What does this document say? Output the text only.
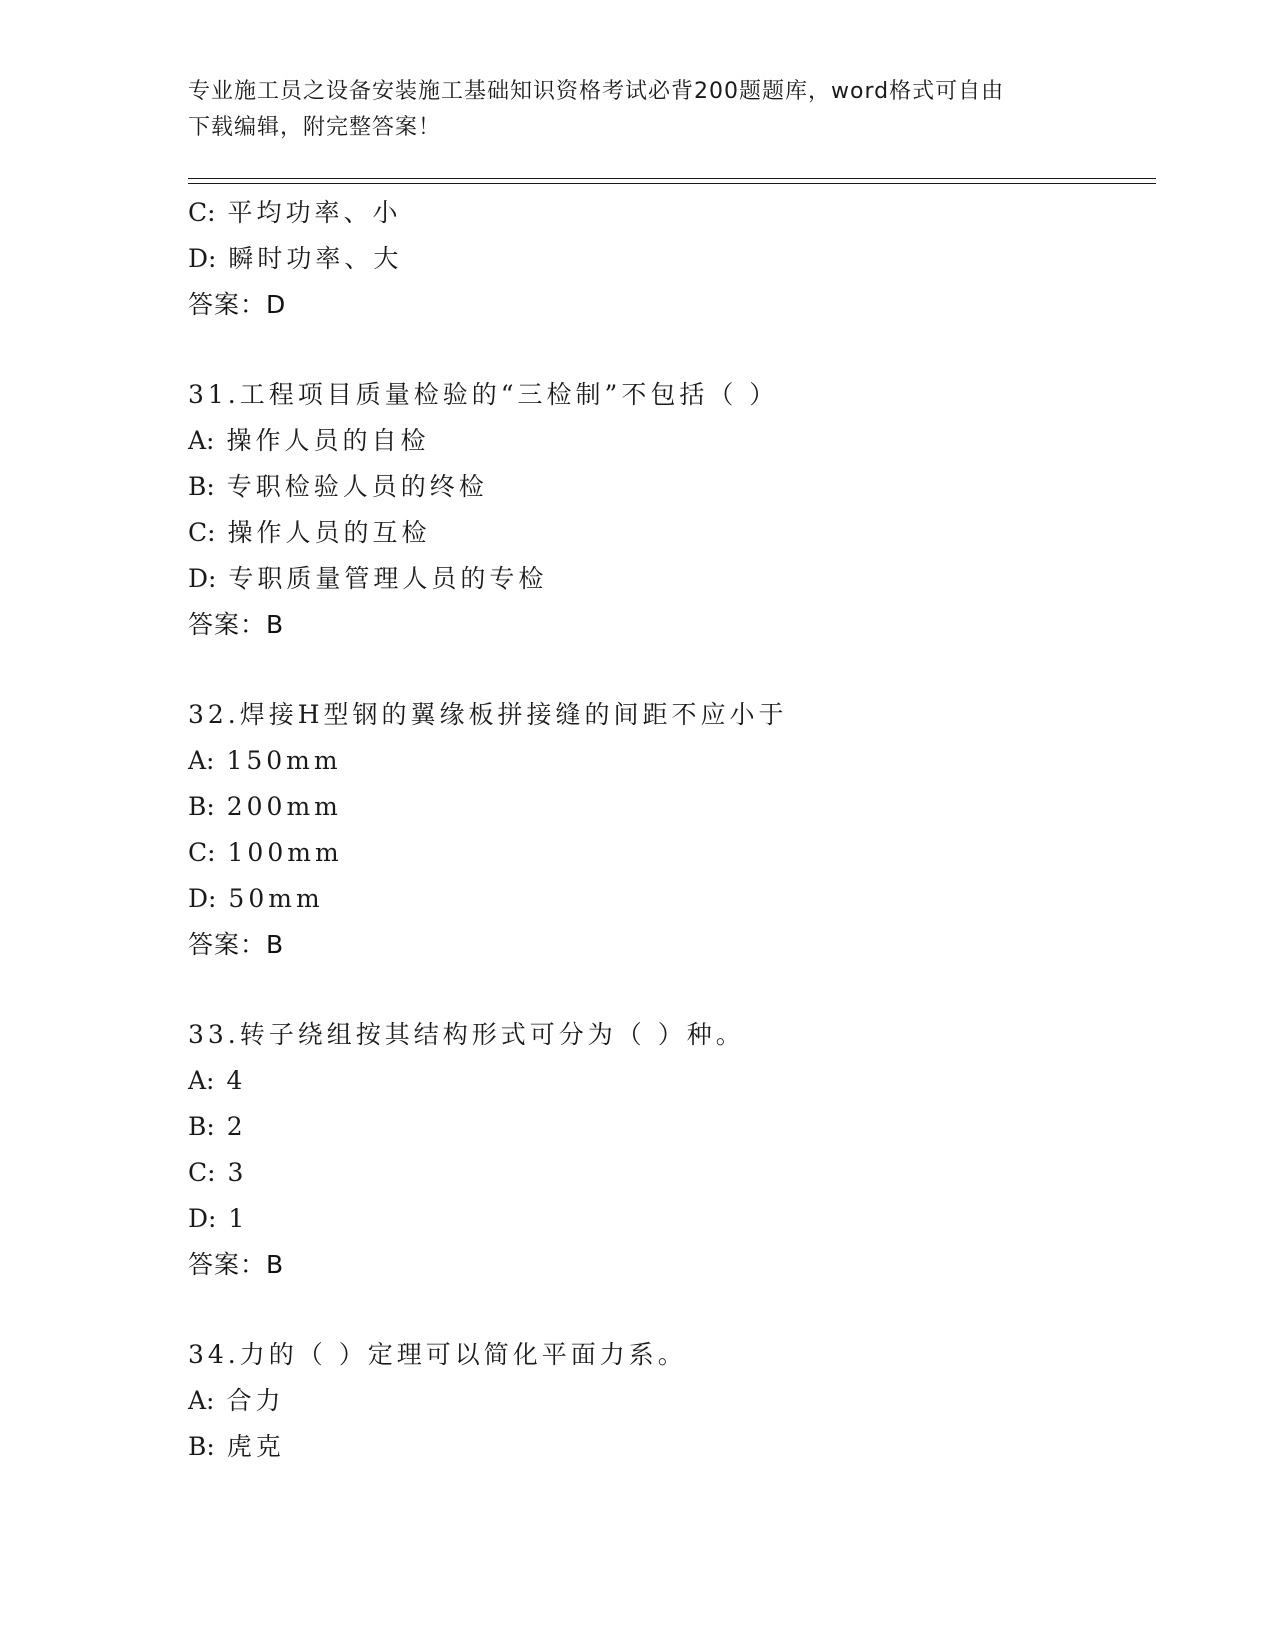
专业施工员之设备安装施工基础知识资格考试必背200题题库，word格式可自由
下载编辑，附完整答案！
C: 平均功率、小
D: 瞬时功率、大
答案：D
31.工程项目质量检验的“三检制”不包括（ ）
A: 操作人员的自检
B: 专职检验人员的终检
C: 操作人员的互检
D: 专职质量管理人员的专检
答案：B
32.焊接H型钢的翼缘板拼接缝的间距不应小于
A: 150mm
B: 200mm
C: 100mm
D: 50mm
答案：B
33.转子绕组按其结构形式可分为（ ）种。
A: 4
B: 2
C: 3
D: 1
答案：B
34.力的（ ）定理可以简化平面力系。
A: 合力
B: 虎克
